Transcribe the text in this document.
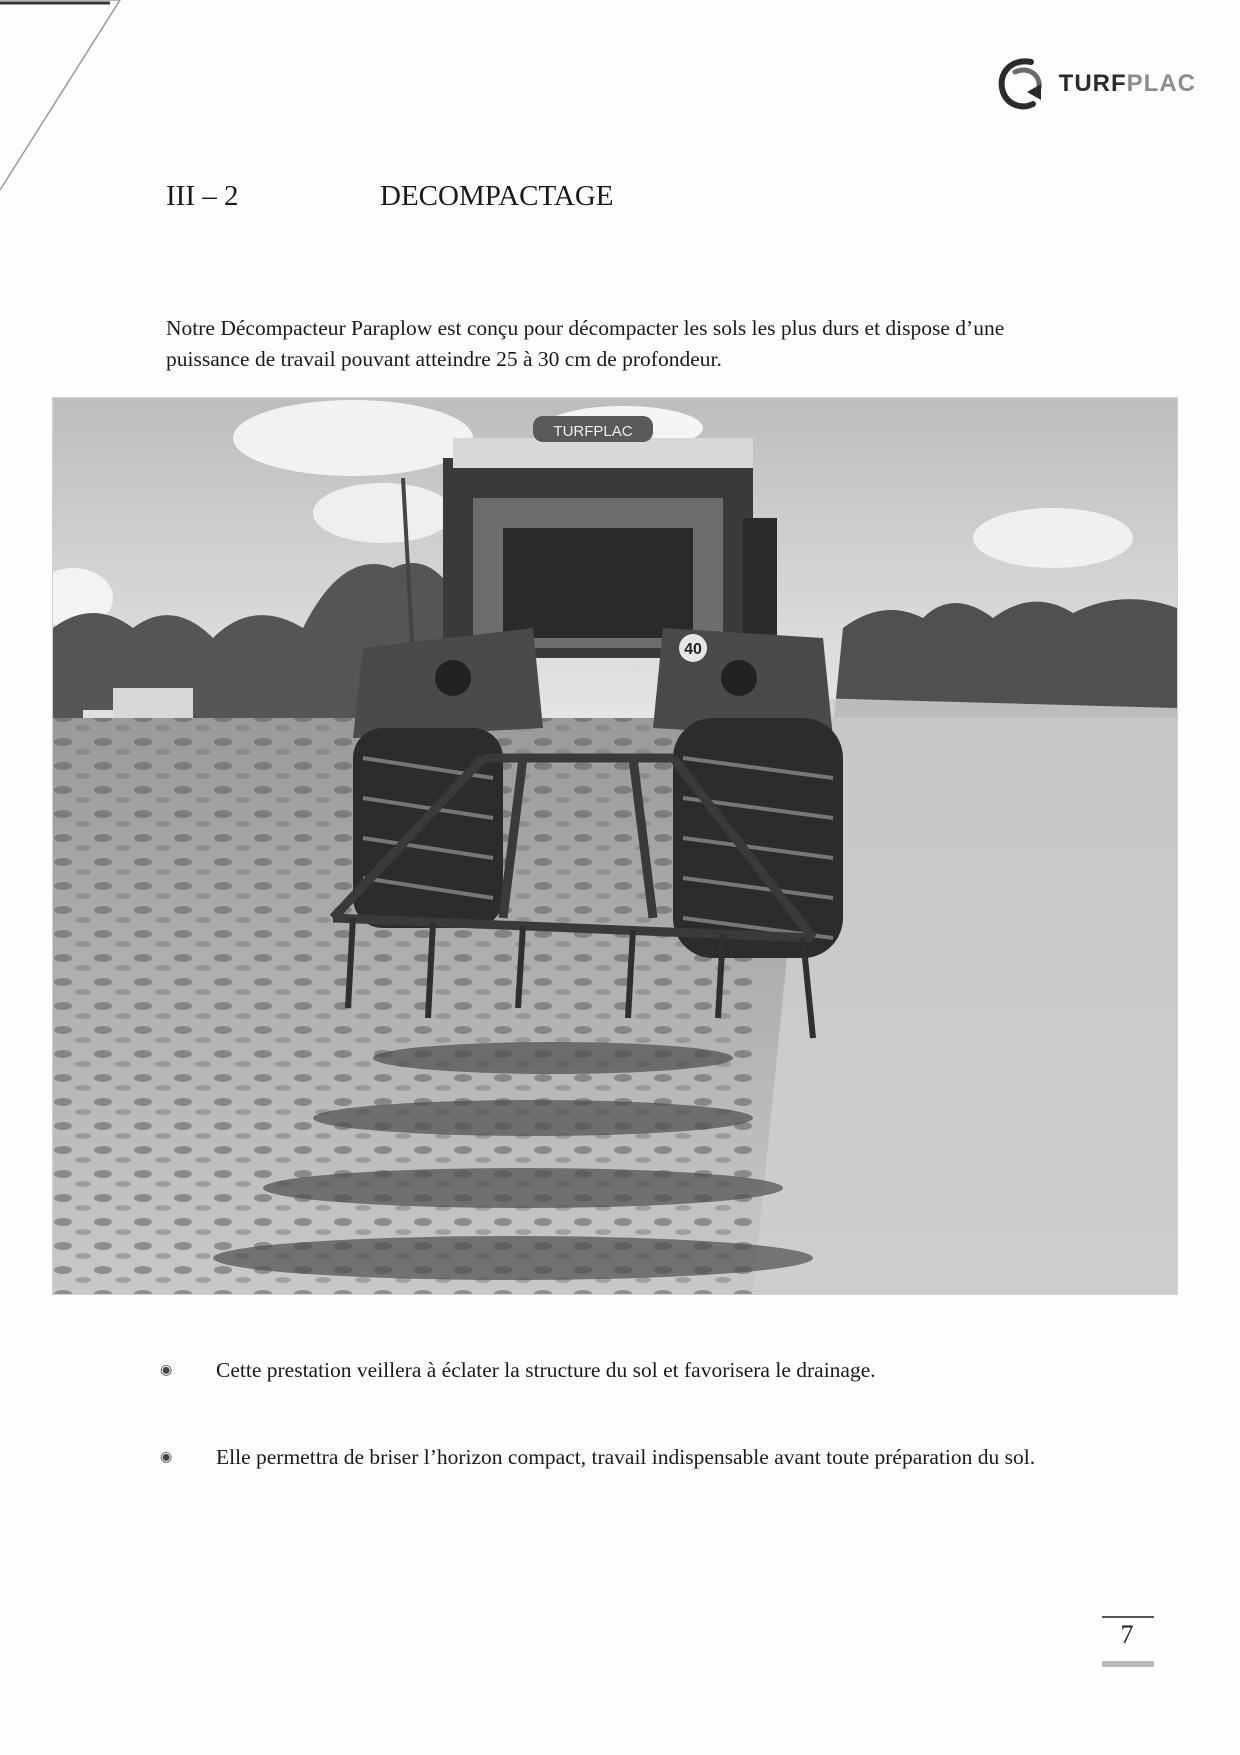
TURFPLAC
III – 2	DECOMPACTAGE

Notre Décompacteur Paraplow est conçu pour décompacter les sols les plus durs et dispose d’une puissance de travail pouvant atteindre 25 à 30 cm de profondeur.

TURFPLAC
40
◉	Cette prestation veillera à éclater la structure du sol et favorisera le drainage.
◉	Elle permettra de briser l’horizon compact, travail indispensable avant toute préparation du sol.
7
